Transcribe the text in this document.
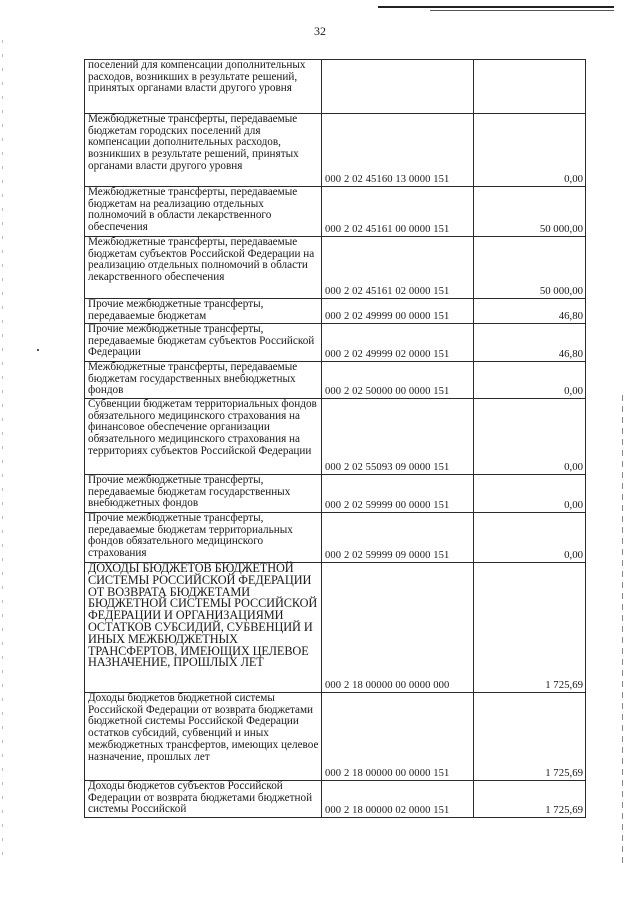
32
поселений для компенсации дополнительных расходов, возникших в результате решений, принятых органами власти другого уровня		
Межбюджетные трансферты, передаваемые бюджетам городских поселений для компенсации дополнительных расходов, возникших в результате решений, принятых органами власти другого уровня	000 2 02 45160 13 0000 151	0,00
Межбюджетные трансферты, передаваемые бюджетам на реализацию отдельных полномочий в области лекарственного обеспечения	000 2 02 45161 00 0000 151	50 000,00
Межбюджетные трансферты, передаваемые бюджетам субъектов Российской Федерации на реализацию отдельных полномочий в области лекарственного обеспечения	000 2 02 45161 02 0000 151	50 000,00
Прочие межбюджетные трансферты, передаваемые бюджетам	000 2 02 49999 00 0000 151	46,80
Прочие межбюджетные трансферты, передаваемые бюджетам субъектов Российской Федерации	000 2 02 49999 02 0000 151	46,80
Межбюджетные трансферты, передаваемые бюджетам государственных внебюджетных фондов	000 2 02 50000 00 0000 151	0,00
Субвенции бюджетам территориальных фондов обязательного медицинского страхования на финансовое обеспечение организации обязательного медицинского страхования на территориях субъектов Российской Федерации	000 2 02 55093 09 0000 151	0,00
Прочие межбюджетные трансферты, передаваемые бюджетам государственных внебюджетных фондов	000 2 02 59999 00 0000 151	0,00
Прочие межбюджетные трансферты, передаваемые бюджетам территориальных фондов обязательного медицинского страхования	000 2 02 59999 09 0000 151	0,00
ДОХОДЫ БЮДЖЕТОВ БЮДЖЕТНОЙ СИСТЕМЫ РОССИЙСКОЙ ФЕДЕРАЦИИ ОТ ВОЗВРАТА БЮДЖЕТАМИ БЮДЖЕТНОЙ СИСТЕМЫ РОССИЙСКОЙ ФЕДЕРАЦИИ И ОРГАНИЗАЦИЯМИ ОСТАТКОВ СУБСИДИЙ, СУБВЕНЦИЙ И ИНЫХ МЕЖБЮДЖЕТНЫХ ТРАНСФЕРТОВ, ИМЕЮЩИХ ЦЕЛЕВОЕ НАЗНАЧЕНИЕ, ПРОШЛЫХ ЛЕТ	000 2 18 00000 00 0000 000	1 725,69
Доходы бюджетов бюджетной системы Российской Федерации от возврата бюджетами бюджетной системы Российской Федерации остатков субсидий, субвенций и иных межбюджетных трансфертов, имеющих целевое назначение, прошлых лет	000 2 18 00000 00 0000 151	1 725,69
Доходы бюджетов субъектов Российской Федерации от возврата бюджетами бюджетной системы Российской	000 2 18 00000 02 0000 151	1 725,69
